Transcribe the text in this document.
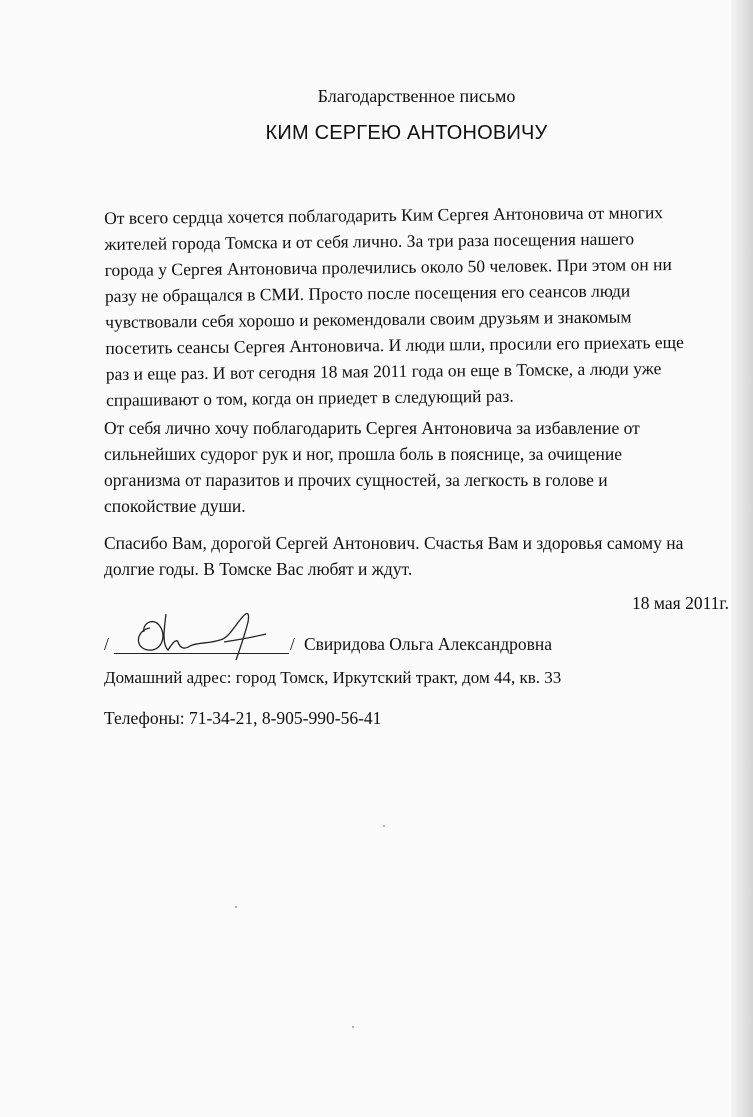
Благодарственное письмо
КИМ СЕРГЕЮ АНТОНОВИЧУ
От всего сердца хочется поблагодарить Ким Сергея Антоновича от многих
жителей города Томска и от себя лично. За три раза посещения нашего
города у Сергея Антоновича пролечились около 50 человек. При этом он ни
разу не обращался в СМИ. Просто после посещения его сеансов люди
чувствовали себя хорошо и рекомендовали своим друзьям и знакомым
посетить сеансы Сергея Антоновича. И люди шли, просили его приехать еще
раз и еще раз. И вот сегодня 18 мая 2011 года он еще в Томске, а люди уже
спрашивают о том, когда он приедет в следующий раз.
От себя лично хочу поблагодарить Сергея Антоновича за избавление от
сильнейших судорог рук и ног, прошла боль в пояснице, за очищение
организма от паразитов и прочих сущностей, за легкость в голове и
спокойствие души.
Спасибо Вам, дорогой Сергей Антонович. Счастья Вам и здоровья самому на
долгие годы. В Томске Вас любят и ждут.
18 мая 2011г.
/	/ Свиридова Ольга Александровна
Домашний адрес: город Томск, Иркутский тракт, дом 44, кв. 33
Телефоны: 71-34-21, 8-905-990-56-41
